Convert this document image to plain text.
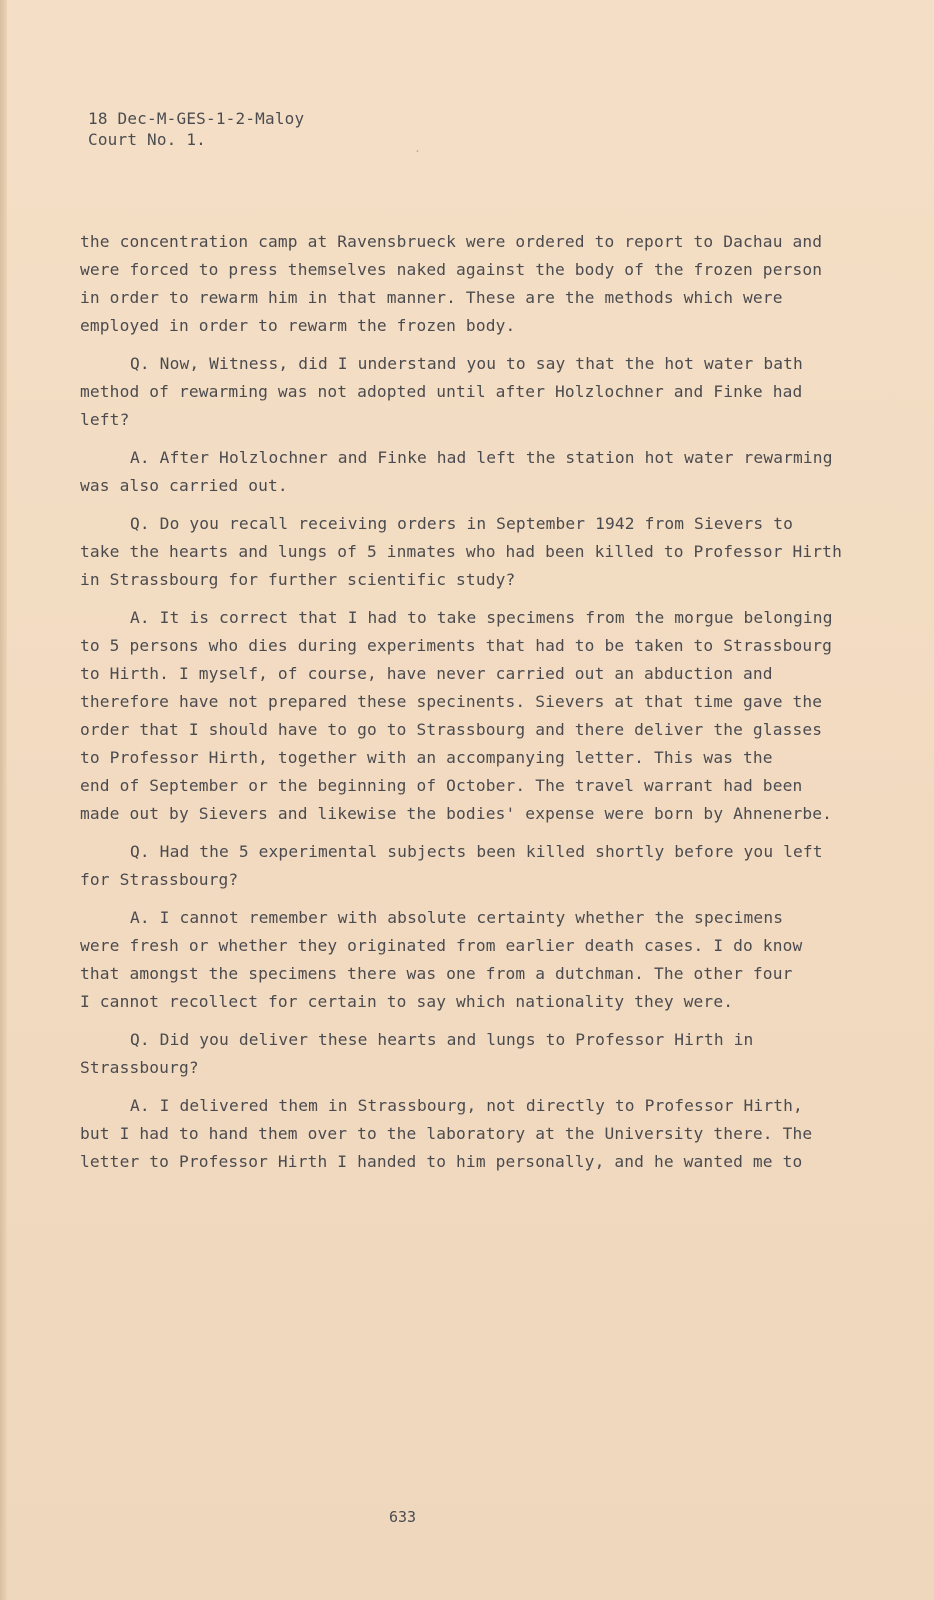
18 Dec-M-GES-1-2-Maloy
Court No. 1.
´
the concentration camp at Ravensbrueck were ordered to report to Dachau and
were forced to press themselves naked against the body of the frozen person
in order to rewarm him in that manner. These are the methods which were
employed in order to rewarm the frozen body.
Q. Now, Witness, did I understand you to say that the hot water bath
method of rewarming was not adopted until after Holzlochner and Finke had
left?
A. After Holzlochner and Finke had left the station hot water rewarming
was also carried out.
Q. Do you recall receiving orders in September 1942 from Sievers to
take the hearts and lungs of 5 inmates who had been killed to Professor Hirth
in Strassbourg for further scientific study?
A. It is correct that I had to take specimens from the morgue belonging
to 5 persons who dies during experiments that had to be taken to Strassbourg
to Hirth. I myself, of course, have never carried out an abduction and
therefore have not prepared these specinents. Sievers at that time gave the
order that I should have to go to Strassbourg and there deliver the glasses
to Professor Hirth, together with an accompanying letter. This was the
end of September or the beginning of October. The travel warrant had been
made out by Sievers and likewise the bodies' expense were born by Ahnenerbe.
Q. Had the 5 experimental subjects been killed shortly before you left
for Strassbourg?
A. I cannot remember with absolute certainty whether the specimens
were fresh or whether they originated from earlier death cases. I do know
that amongst the specimens there was one from a dutchman. The other four
I cannot recollect for certain to say which nationality they were.
Q. Did you deliver these hearts and lungs to Professor Hirth in
Strassbourg?
A. I delivered them in Strassbourg, not directly to Professor Hirth,
but I had to hand them over to the laboratory at the University there. The
letter to Professor Hirth I handed to him personally, and he wanted me to
633
